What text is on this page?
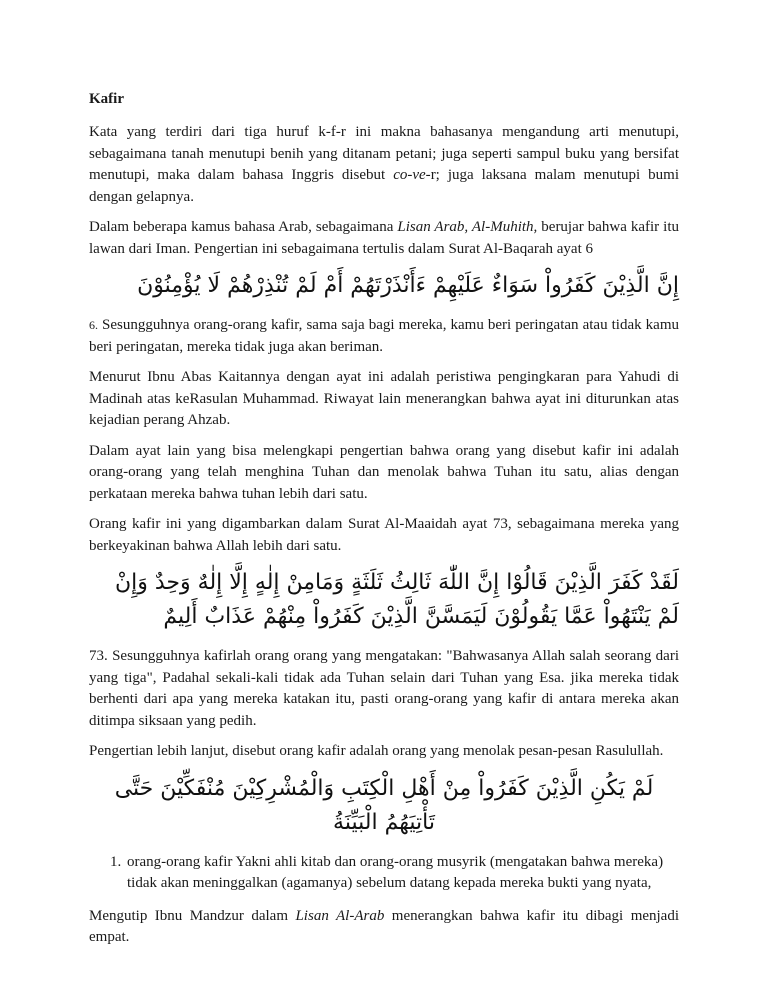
Kafir

Kata yang terdiri dari tiga huruf k-f-r ini makna bahasanya mengandung arti menutupi, sebagaimana tanah menutupi benih yang ditanam petani; juga seperti sampul buku yang bersifat menutupi, maka dalam bahasa Inggris disebut co-ve-r; juga laksana malam menutupi bumi dengan gelapnya.

Dalam beberapa kamus bahasa Arab, sebagaimana Lisan Arab, Al-Muhith, berujar bahwa kafir itu lawan dari Iman. Pengertian ini sebagaimana tertulis dalam Surat Al-Baqarah ayat 6

إِنَّ الَّذِيْنَ كَفَرُواْ سَوَاءٌ عَلَيْهِمْ ءَأَنْذَرْتَهُمْ أَمْ لَمْ تُنْذِرْهُمْ لَا يُؤْمِنُوْنَ

6. Sesungguhnya orang-orang kafir, sama saja bagi mereka, kamu beri peringatan atau tidak kamu beri peringatan, mereka tidak juga akan beriman.

Menurut Ibnu Abas Kaitannya dengan ayat ini adalah peristiwa pengingkaran para Yahudi di Madinah atas keRasulan Muhammad. Riwayat lain menerangkan bahwa ayat ini diturunkan atas kejadian perang Ahzab.

Dalam ayat lain yang bisa melengkapi pengertian bahwa orang yang disebut kafir ini adalah orang-orang yang telah menghina Tuhan dan menolak bahwa Tuhan itu satu, alias dengan perkataan mereka bahwa tuhan lebih dari satu.

Orang kafir ini yang digambarkan dalam Surat Al-Maaidah ayat 73, sebagaimana mereka yang berkeyakinan bahwa Allah lebih dari satu.

لَقَدْ كَفَرَ الَّذِيْنَ قَالُوْا إِنَّ اللّٰهَ ثَالِثُ ثَلَثَةٍ وَمَامِنْ إِلٰهٍ إِلَّا إِلٰهٌ وَحِدٌ وَإِنْ لَمْ يَنْتَهُواْ عَمَّا يَقُولُوْنَ لَيَمَسَّنَّ الَّذِيْنَ كَفَرُواْ مِنْهُمْ عَذَابٌ أَلِيمٌ

73. Sesungguhnya kafirlah orang orang yang mengatakan: "Bahwasanya Allah salah seorang dari yang tiga", Padahal sekali-kali tidak ada Tuhan selain dari Tuhan yang Esa. jika mereka tidak berhenti dari apa yang mereka katakan itu, pasti orang-orang yang kafir di antara mereka akan ditimpa siksaan yang pedih.

Pengertian lebih lanjut, disebut orang kafir adalah orang yang menolak pesan-pesan Rasulullah.

لَمْ يَكُنِ الَّذِيْنَ كَفَرُواْ مِنْ أَهْلِ الْكِتَبِ وَالْمُشْرِكِيْنَ مُنْفَكِّيْنَ حَتَّى تَأْتِيَهُمُ الْبَيِّنَةُ
1. orang-orang kafir Yakni ahli kitab dan orang-orang musyrik (mengatakan bahwa mereka) tidak akan meninggalkan (agamanya) sebelum datang kepada mereka bukti yang nyata,

Mengutip Ibnu Mandzur dalam Lisan Al-Arab menerangkan bahwa kafir itu dibagi menjadi empat.
